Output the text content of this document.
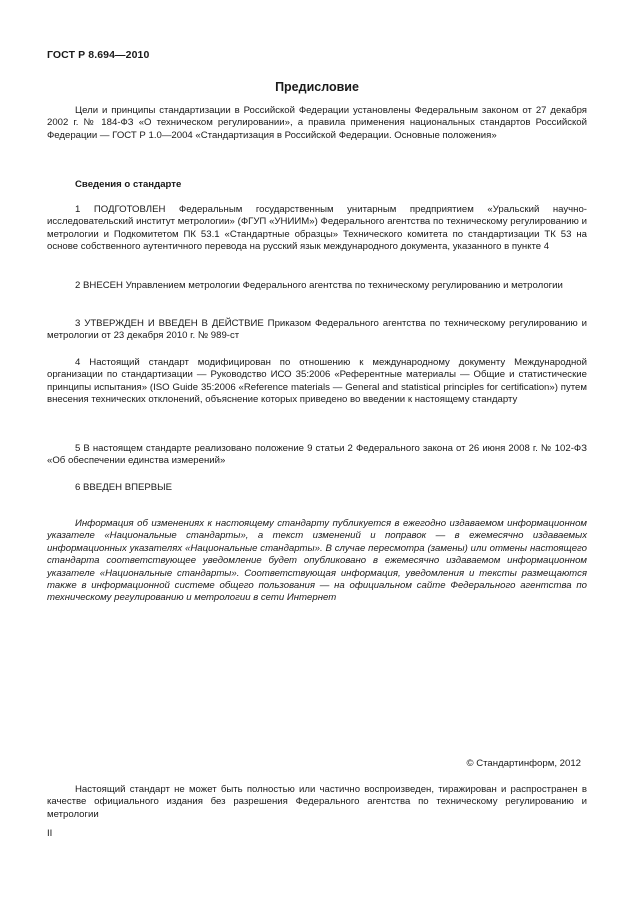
ГОСТ Р 8.694—2010
Предисловие

Цели и принципы стандартизации в Российской Федерации установлены Федеральным законом от 27 декабря 2002 г. № 184-ФЗ «О техническом регулировании», а правила применения национальных стандартов Российской Федерации — ГОСТ Р 1.0—2004 «Стандартизация в Российской Федерации. Основные положения»

Сведения о стандарте

1 ПОДГОТОВЛЕН Федеральным государственным унитарным предприятием «Уральский научно-исследовательский институт метрологии» (ФГУП «УНИИМ») Федерального агентства по техническому регулированию и метрологии и Подкомитетом ПК 53.1 «Стандартные образцы» Технического комитета по стандартизации ТК 53 на основе собственного аутентичного перевода на русский язык международного документа, указанного в пункте 4

2 ВНЕСЕН Управлением метрологии Федерального агентства по техническому регулированию и метрологии

3 УТВЕРЖДЕН И ВВЕДЕН В ДЕЙСТВИЕ Приказом Федерального агентства по техническому регулированию и метрологии от 23 декабря 2010 г. № 989-ст

4 Настоящий стандарт модифицирован по отношению к международному документу Международной организации по стандартизации — Руководство ИСО 35:2006 «Референтные материалы — Общие и статистические принципы испытания» (ISO Guide 35:2006 «Reference materials — General and statistical principles for certification») путем внесения технических отклонений, объяснение которых приведено во введении к настоящему стандарту

5 В настоящем стандарте реализовано положение 9 статьи 2 Федерального закона от 26 июня 2008 г. № 102-ФЗ «Об обеспечении единства измерений»

6 ВВЕДЕН ВПЕРВЫЕ

Информация об изменениях к настоящему стандарту публикуется в ежегодно издаваемом информационном указателе «Национальные стандарты», а текст изменений и поправок — в ежемесячно издаваемых информационных указателях «Национальные стандарты». В случае пересмотра (замены) или отмены настоящего стандарта соответствующее уведомление будет опубликовано в ежемесячно издаваемом информационном указателе «Национальные стандарты». Соответствующая информация, уведомления и тексты размещаются также в информационной системе общего пользования — на официальном сайте Федерального агентства по техническому регулированию и метрологии в сети Интернет

© Стандартинформ, 2012

Настоящий стандарт не может быть полностью или частично воспроизведен, тиражирован и распространен в качестве официального издания без разрешения Федерального агентства по техническому регулированию и метрологии

II
